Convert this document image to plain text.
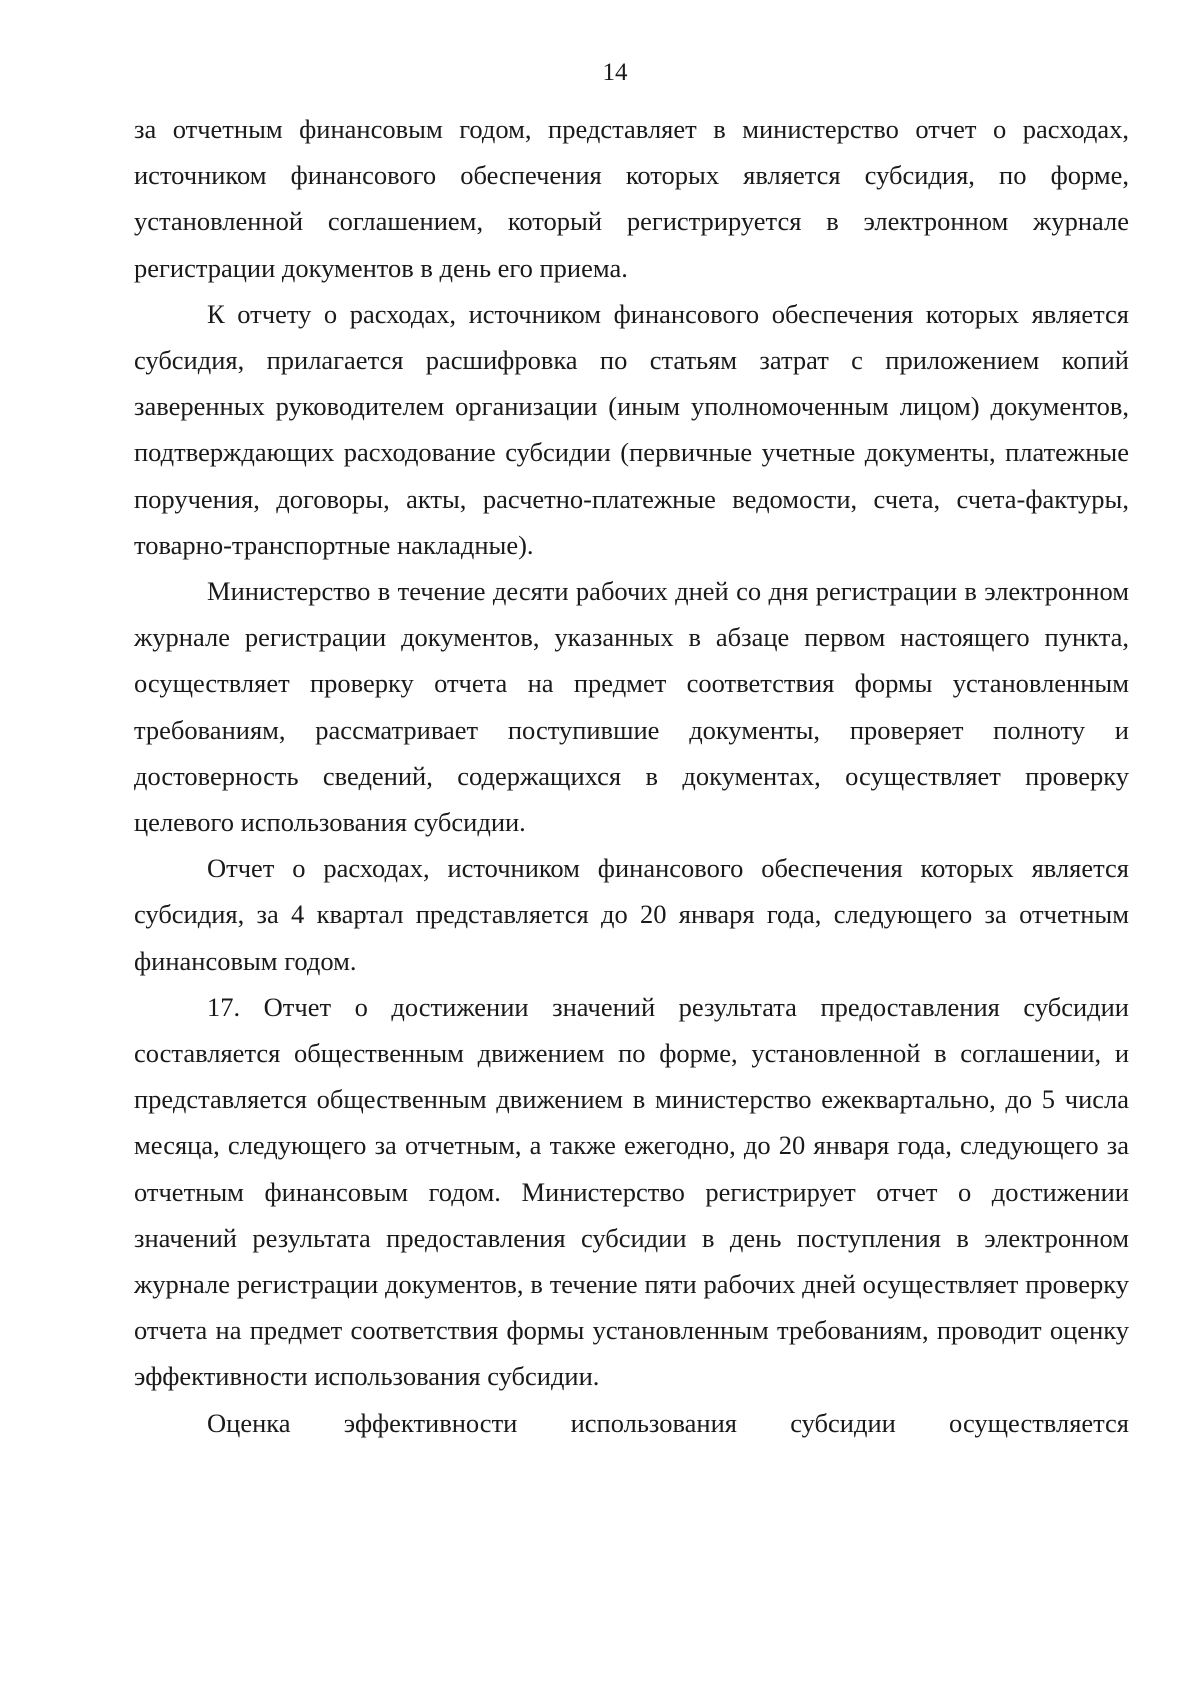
14

за отчетным финансовым годом, представляет в министерство отчет о расходах, источником финансового обеспечения которых является субсидия, по форме, установленной соглашением, который регистрируется в электронном журнале регистрации документов в день его приема.

К отчету о расходах, источником финансового обеспечения которых является субсидия, прилагается расшифровка по статьям затрат с приложением копий заверенных руководителем организации (иным уполномоченным лицом) документов, подтверждающих расходование субсидии (первичные учетные документы, платежные поручения, договоры, акты, расчетно-платежные ведомости, счета, счета-фактуры, товарно-транспортные накладные).

Министерство в течение десяти рабочих дней со дня регистрации в электронном журнале регистрации документов, указанных в абзаце первом настоящего пункта, осуществляет проверку отчета на предмет соответствия формы установленным требованиям, рассматривает поступившие документы, проверяет полноту и достоверность сведений, содержащихся в документах, осуществляет проверку целевого использования субсидии.

Отчет о расходах, источником финансового обеспечения которых является субсидия, за 4 квартал представляется до 20 января года, следующего за отчетным финансовым годом.

17. Отчет о достижении значений результата предоставления субсидии составляется общественным движением по форме, установленной в соглашении, и представляется общественным движением в министерство ежеквартально, до 5 числа месяца, следующего за отчетным, а также ежегодно, до 20 января года, следующего за отчетным финансовым годом. Министерство регистрирует отчет о достижении значений результата предоставления субсидии в день поступления в электронном журнале регистрации документов, в течение пяти рабочих дней осуществляет проверку отчета на предмет соответствия формы установленным требованиям, проводит оценку эффективности использования субсидии.

Оценка эффективности использования субсидии осуществляется
